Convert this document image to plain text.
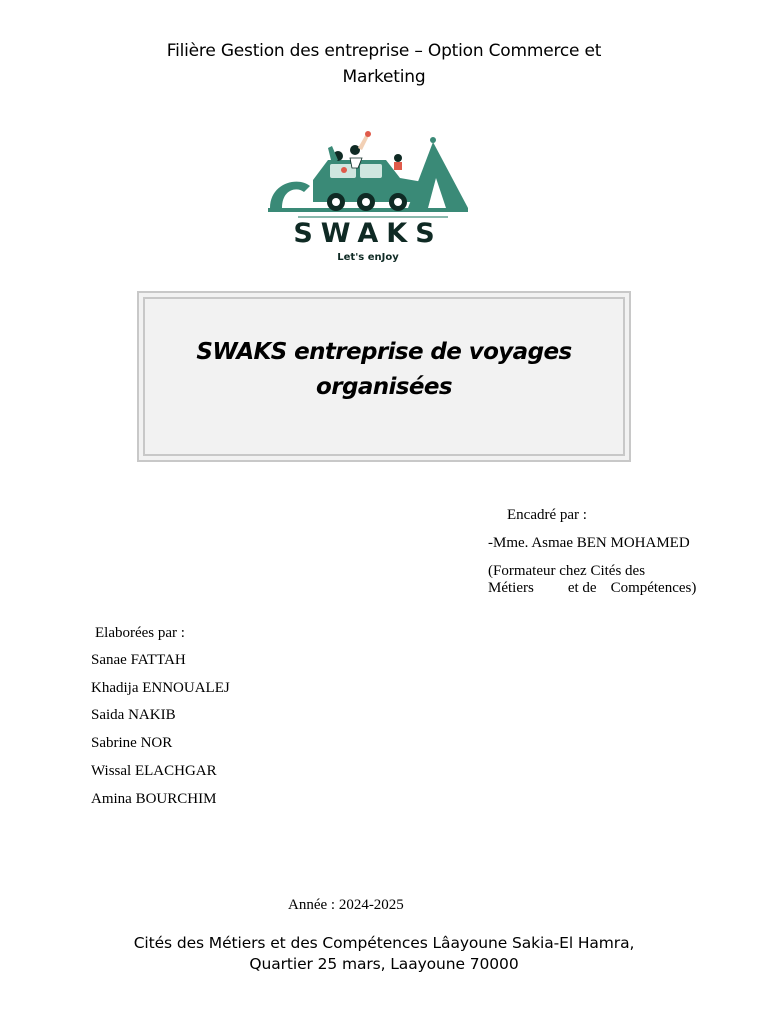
Filière Gestion des entreprise – Option Commerce et
Marketing
SWAKS
Let's enJoy
SWAKS entreprise de voyages
organisées
Encadré par :
-Mme. Asmae BEN MOHAMED
(Formateur chez Cités des
Métiers et de Compétences)
Elaborées par :
Sanae FATTAH
Khadija ENNOUALEJ
Saida NAKIB
Sabrine NOR
Wissal ELACHGAR
Amina BOURCHIM
Année : 2024-2025
Cités des Métiers et des Compétences Lâayoune Sakia-El Hamra,
Quartier 25 mars, Laayoune 70000
